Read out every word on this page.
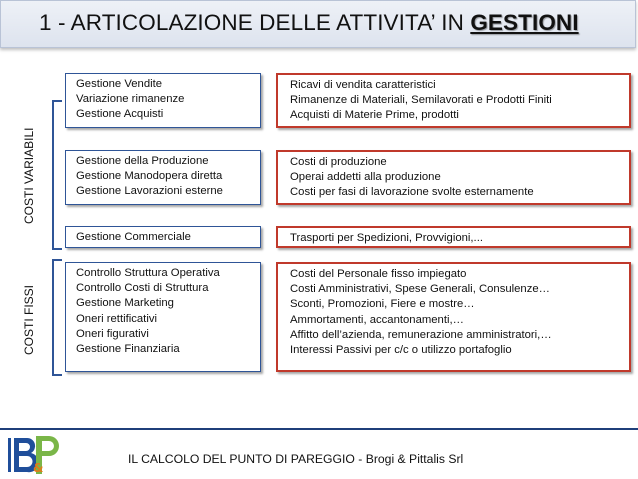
1 - ARTICOLAZIONE DELLE ATTIVITA’ IN GESTIONI
COSTI VARIABILI
COSTI FISSI
Gestione Vendite
Variazione rimanenze
Gestione Acquisti
Gestione della Produzione
Gestione Manodopera diretta
Gestione Lavorazioni esterne
Gestione Commerciale
Controllo Struttura Operativa
Controllo Costi di Struttura
Gestione Marketing
Oneri rettificativi
Oneri figurativi
Gestione Finanziaria
Ricavi di vendita caratteristici
Rimanenze di Materiali, Semilavorati e Prodotti Finiti
Acquisti di Materie Prime, prodotti
Costi di produzione
Operai addetti alla produzione
Costi per fasi di lavorazione svolte esternamente
Trasporti per Spedizioni, Provvigioni,...
Costi del Personale fisso impiegato
Costi Amministrativi, Spese Generali, Consulenze…
Sconti, Promozioni, Fiere e mostre…
Ammortamenti, accantonamenti,…
Affitto dell’azienda, remunerazione amministratori,…
Interessi Passivi per c/c o utilizzo portafoglio
&
IL CALCOLO DEL PUNTO DI PAREGGIO - Brogi & Pittalis Srl
